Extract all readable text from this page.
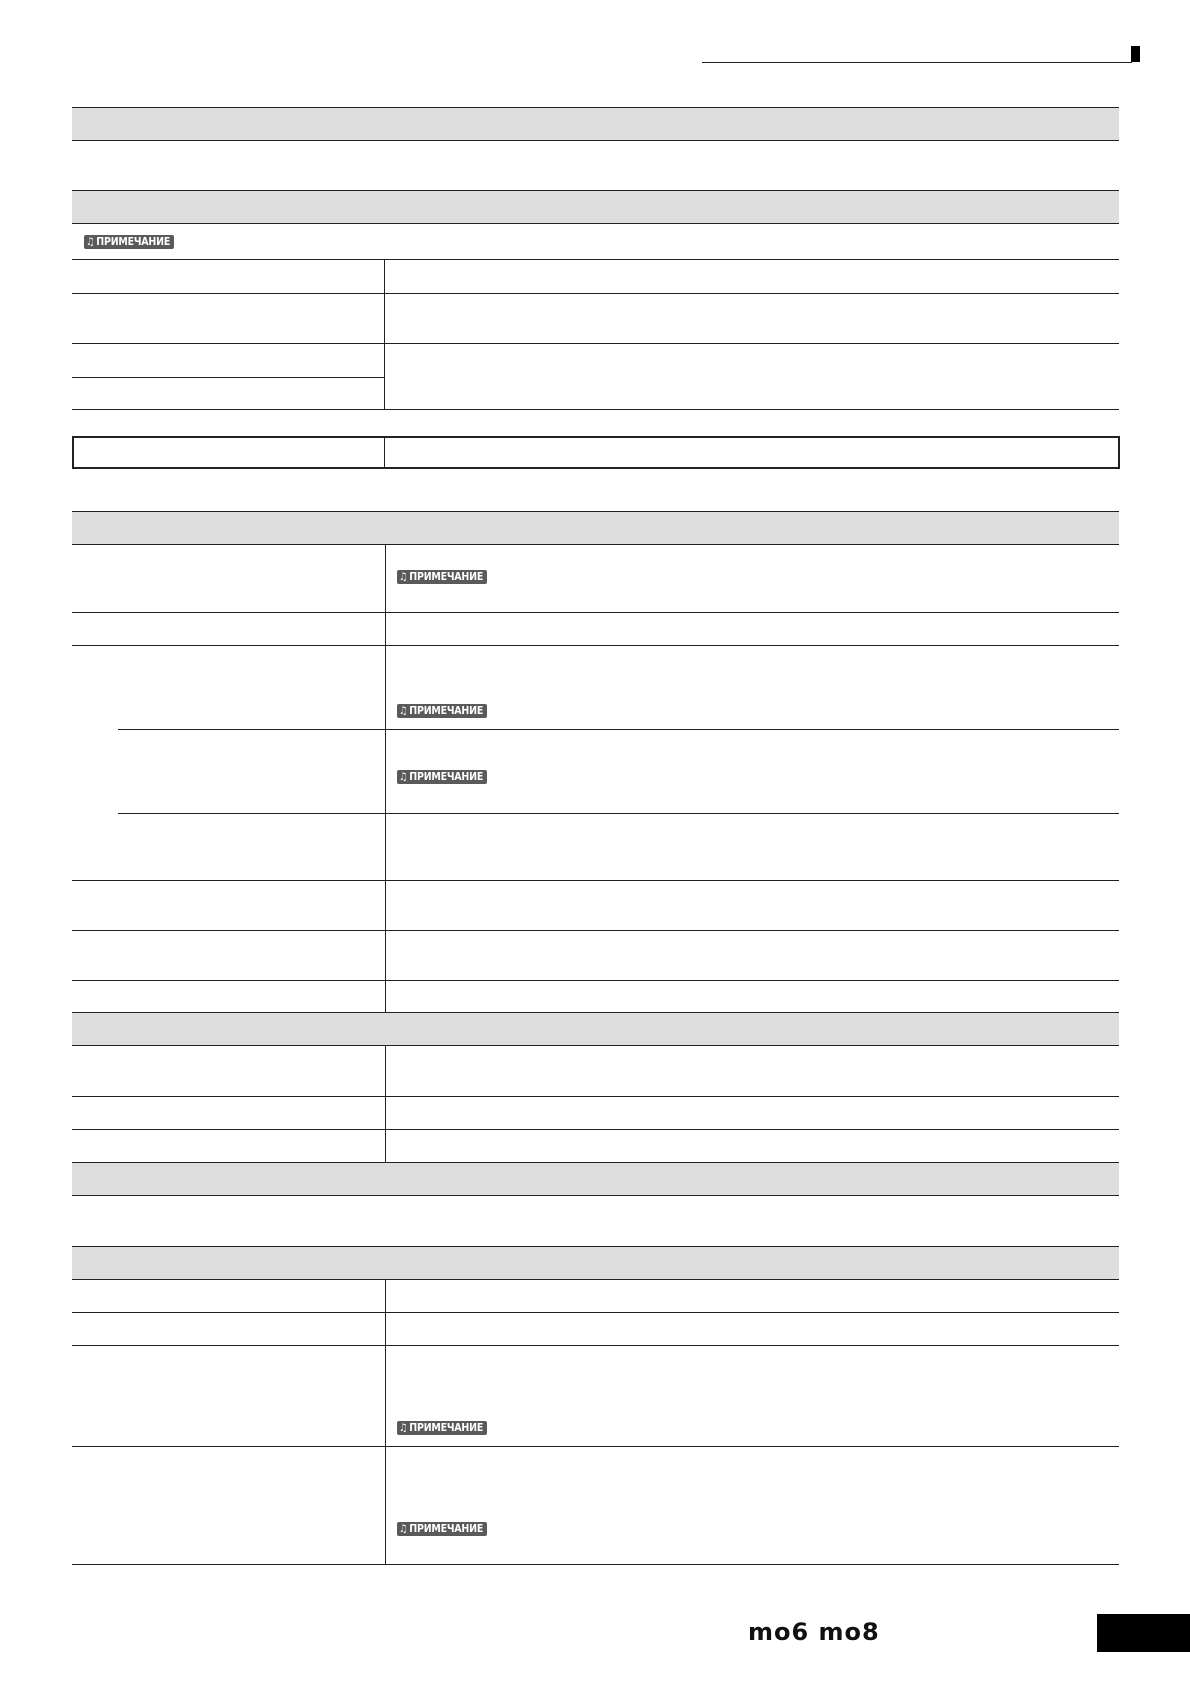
♫ ПРИМЕЧАНИЕ
♫ ПРИМЕЧАНИЕ
♫ ПРИМЕЧАНИЕ
♫ ПРИМЕЧАНИЕ
♫ ПРИМЕЧАНИЕ
♫ ПРИМЕЧАНИЕ
mo6 mo8
